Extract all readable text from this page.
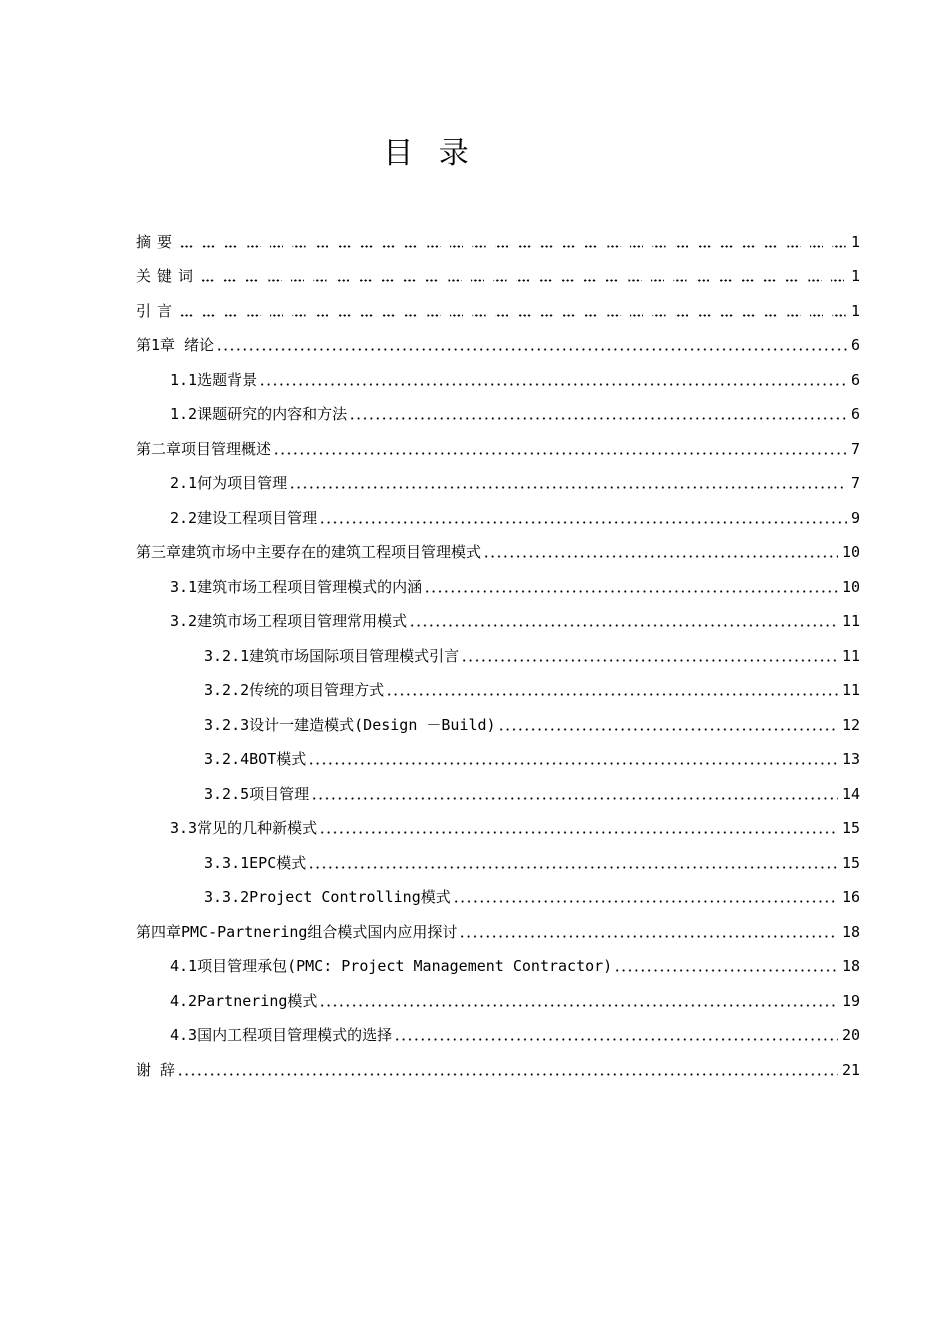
目 录
摘要	1
关键词	1
引言	1
第1章 绪论	6
1.1选题背景	6
1.2课题研究的内容和方法	6
第二章项目管理概述	7
2.1何为项目管理	7
2.2建设工程项目管理	9
第三章建筑市场中主要存在的建筑工程项目管理模式	10
3.1建筑市场工程项目管理模式的内涵	10
3.2建筑市场工程项目管理常用模式	11
3.2.1建筑市场国际项目管理模式引言	11
3.2.2传统的项目管理方式	11
3.2.3设计一建造模式(Design －Build)	12
3.2.4BOT模式	13
3.2.5项目管理	14
3.3常见的几种新模式	15
3.3.1EPC模式	15
3.3.2Project Controlling模式	16
第四章PMC-Partnering组合模式国内应用探讨	18
4.1项目管理承包(PMC: Project Management Contractor)	18
4.2Partnering模式	19
4.3国内工程项目管理模式的选择	20
谢 辞	21
